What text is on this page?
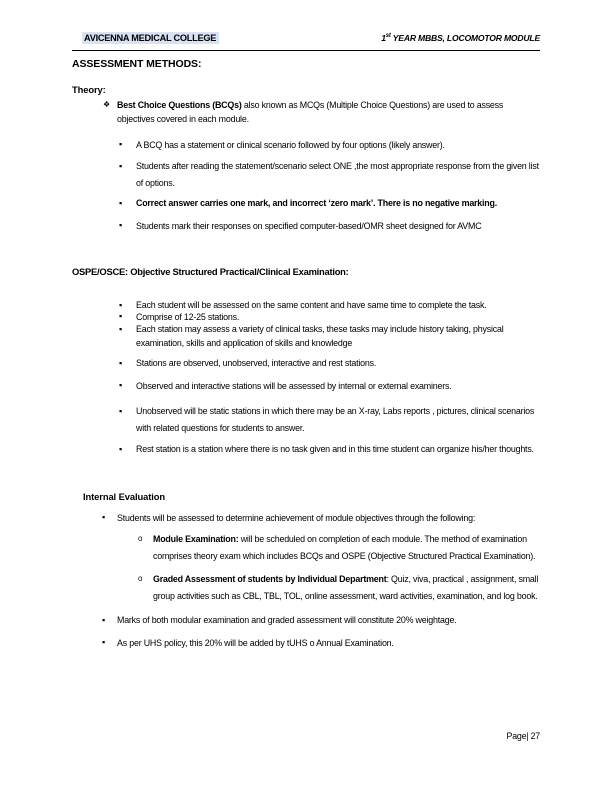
AVICENNA MEDICAL COLLEGE	1st YEAR MBBS, LOCOMOTOR MODULE
ASSESSMENT METHODS:
Theory:
❖ Best Choice Questions (BCQs) also known as MCQs (Multiple Choice Questions) are used to assess objectives covered in each module.
▪ A BCQ has a statement or clinical scenario followed by four options (likely answer).
▪ Students after reading the statement/scenario select ONE ,the most appropriate response from the given list of options.
▪ Correct answer carries one mark, and incorrect ‘zero mark’. There is no negative marking.
▪ Students mark their responses on specified computer-based/OMR sheet designed for AVMC
OSPE/OSCE: Objective Structured Practical/Clinical Examination:
▪ Each student will be assessed on the same content and have same time to complete the task.
▪ Comprise of 12-25 stations.
▪ Each station may assess a variety of clinical tasks, these tasks may include history taking, physical examination, skills and application of skills and knowledge
▪ Stations are observed, unobserved, interactive and rest stations.
▪ Observed and interactive stations will be assessed by internal or external examiners.
▪ Unobserved will be static stations in which there may be an X-ray, Labs reports , pictures, clinical scenarios with related questions for students to answer.
▪ Rest station is a station where there is no task given and in this time student can organize his/her thoughts.
Internal Evaluation
▪ Students will be assessed to determine achievement of module objectives through the following:
o Module Examination: will be scheduled on completion of each module. The method of examination comprises theory exam which includes BCQs and OSPE (Objective Structured Practical Examination).
o Graded Assessment of students by Individual Department: Quiz, viva, practical , assignment, small group activities such as CBL, TBL, TOL, online assessment, ward activities, examination, and log book.
▪ Marks of both modular examination and graded assessment will constitute 20% weightage.
▪ As per UHS policy, this 20% will be added by tUHS o Annual Examination.
Page| 27
